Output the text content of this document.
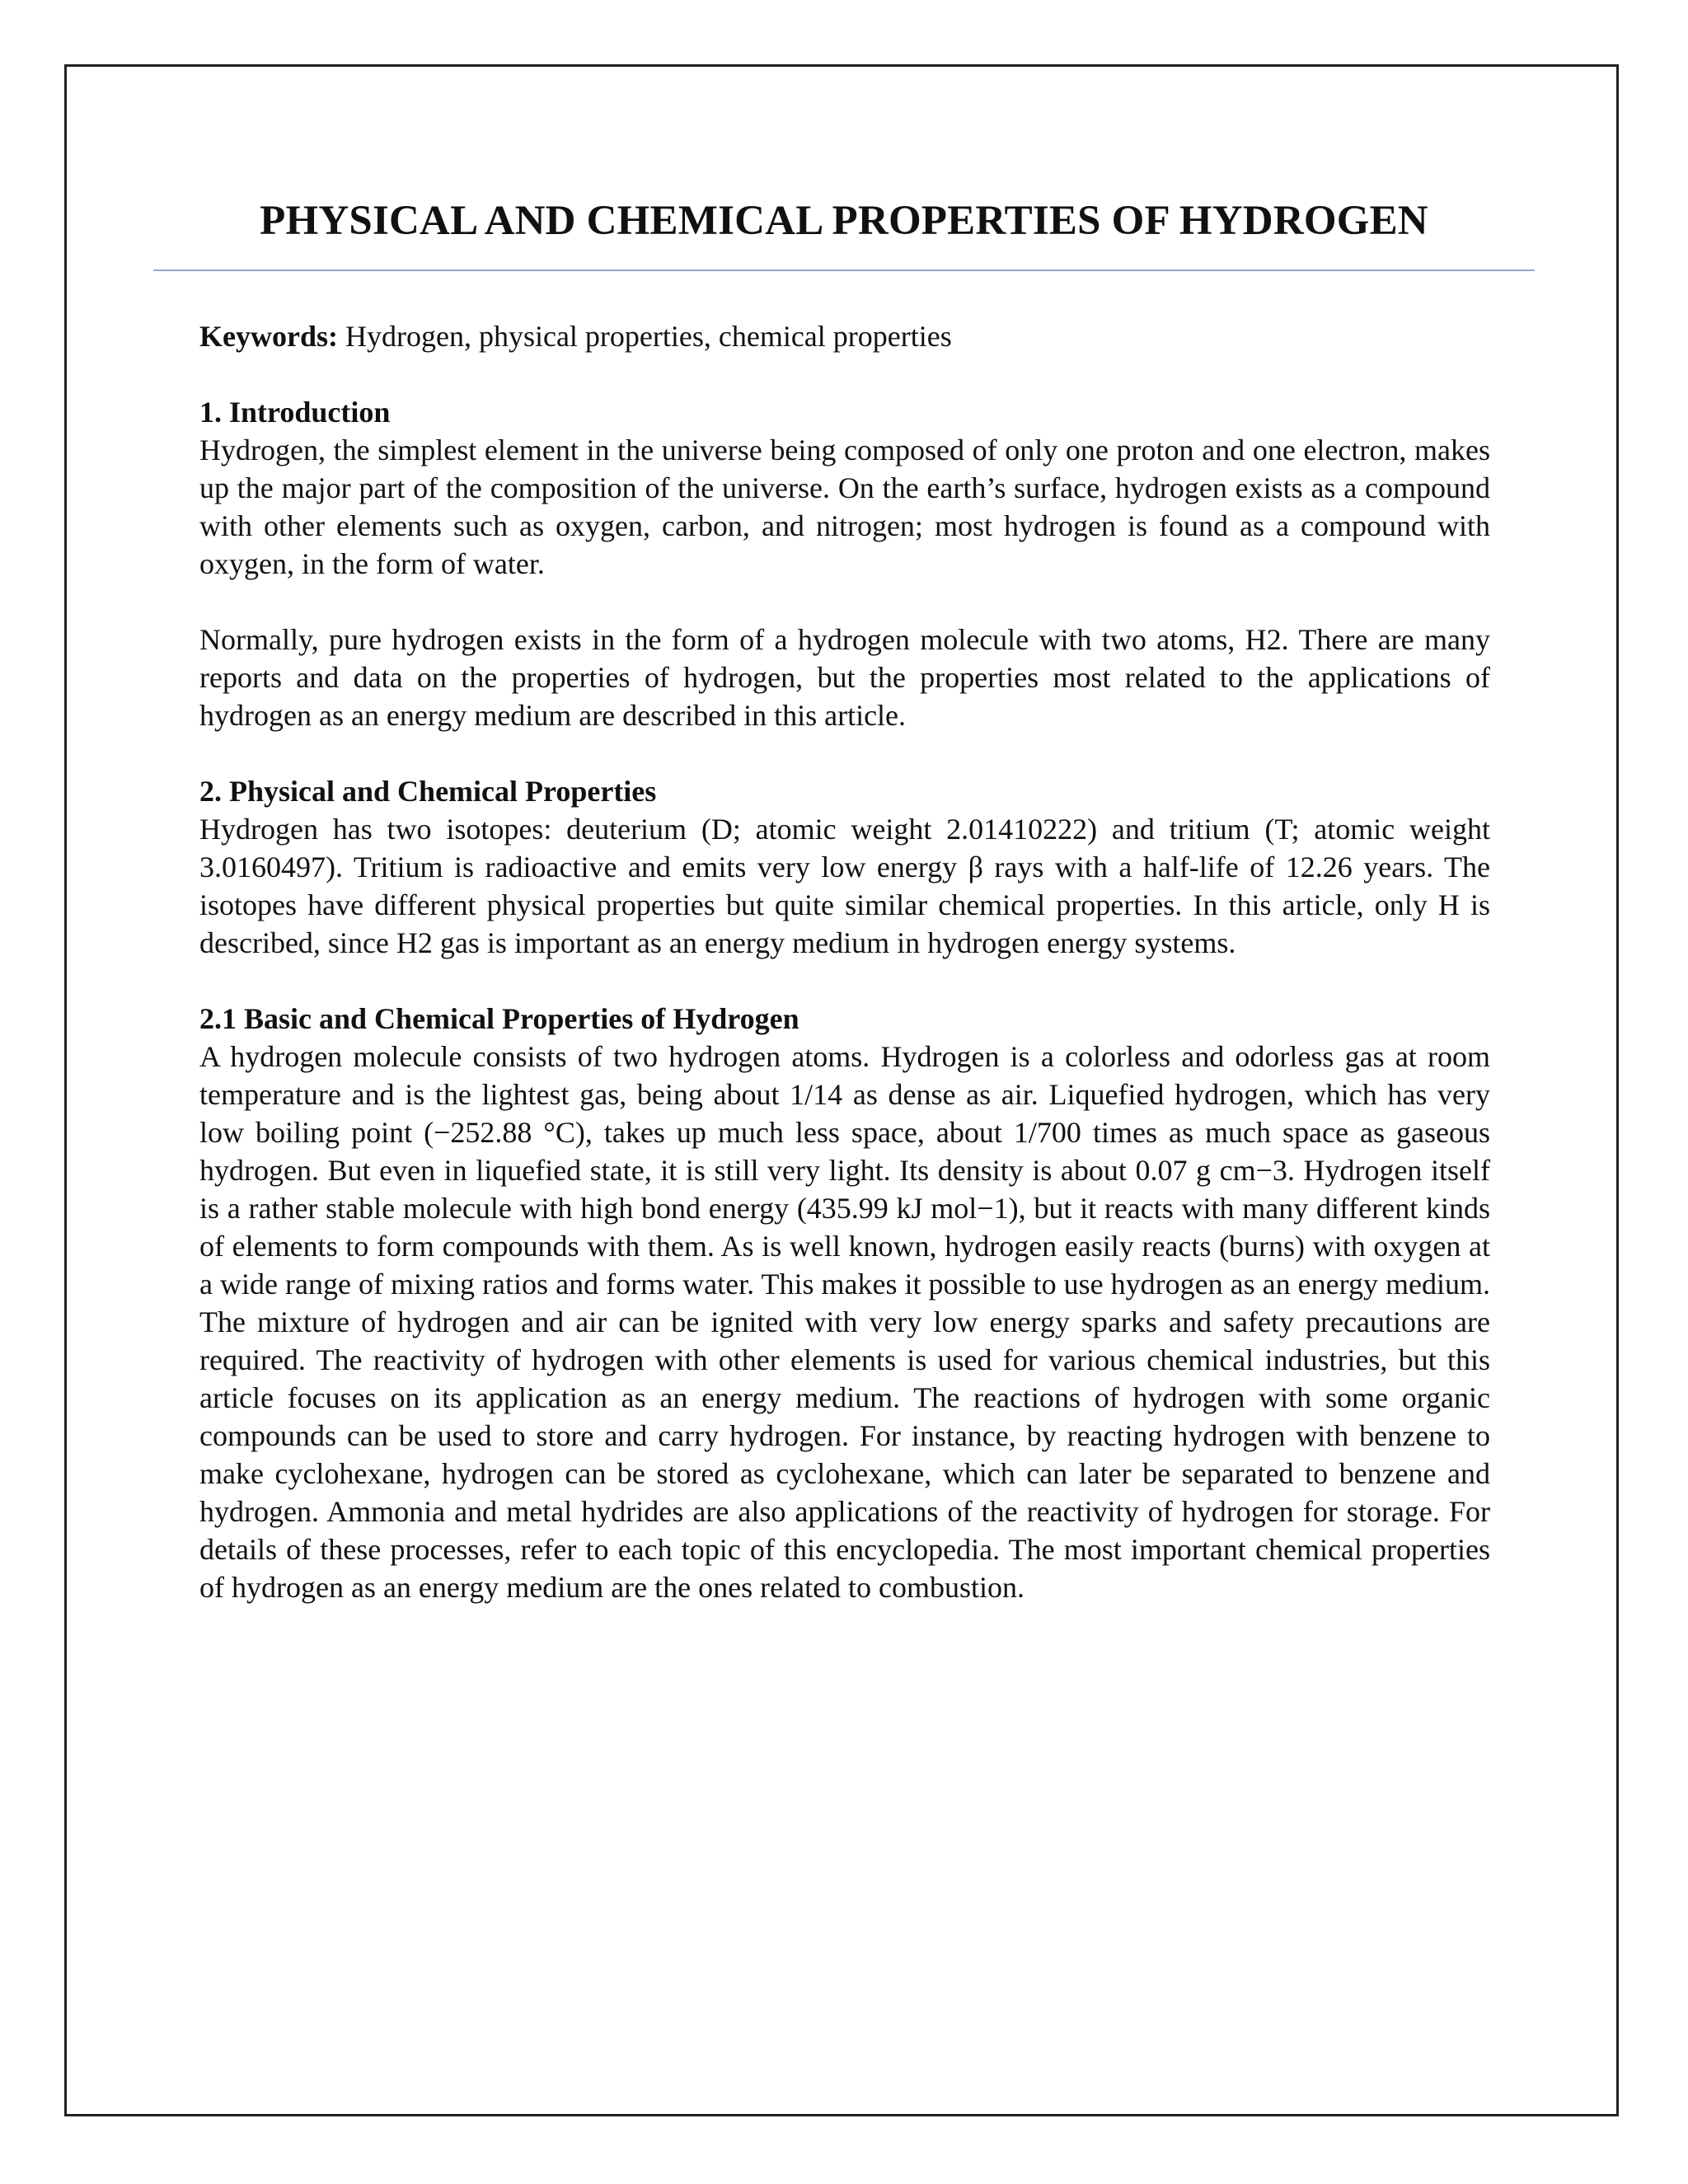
PHYSICAL AND CHEMICAL PROPERTIES OF HYDROGEN

Keywords: Hydrogen, physical properties, chemical properties

1. Introduction

Hydrogen, the simplest element in the universe being composed of only one proton and one electron, makes up the major part of the composition of the universe. On the earth’s surface, hydrogen exists as a compound with other elements such as oxygen, carbon, and nitrogen; most hydrogen is found as a compound with oxygen, in the form of water.

Normally, pure hydrogen exists in the form of a hydrogen molecule with two atoms, H2. There are many reports and data on the properties of hydrogen, but the properties most related to the applications of hydrogen as an energy medium are described in this article.

2. Physical and Chemical Properties

Hydrogen has two isotopes: deuterium (D; atomic weight 2.01410222) and tritium (T; atomic weight 3.0160497). Tritium is radioactive and emits very low energy β rays with a half-life of 12.26 years. The isotopes have different physical properties but quite similar chemical properties. In this article, only H is described, since H2 gas is important as an energy medium in hydrogen energy systems.

2.1 Basic and Chemical Properties of Hydrogen

A hydrogen molecule consists of two hydrogen atoms. Hydrogen is a colorless and odorless gas at room temperature and is the lightest gas, being about 1/14 as dense as air. Liquefied hydrogen, which has very low boiling point (−252.88 °C), takes up much less space, about 1/700 times as much space as gaseous hydrogen. But even in liquefied state, it is still very light. Its density is about 0.07 g cm−3. Hydrogen itself is a rather stable molecule with high bond energy (435.99 kJ mol−1), but it reacts with many different kinds of elements to form compounds with them. As is well known, hydrogen easily reacts (burns) with oxygen at a wide range of mixing ratios and forms water. This makes it possible to use hydrogen as an energy medium. The mixture of hydrogen and air can be ignited with very low energy sparks and safety precautions are required. The reactivity of hydrogen with other elements is used for various chemical industries, but this article focuses on its application as an energy medium. The reactions of hydrogen with some organic compounds can be used to store and carry hydrogen. For instance, by reacting hydrogen with benzene to make cyclohexane, hydrogen can be stored as cyclohexane, which can later be separated to benzene and hydrogen. Ammonia and metal hydrides are also applications of the reactivity of hydrogen for storage. For details of these processes, refer to each topic of this encyclopedia. The most important chemical properties of hydrogen as an energy medium are the ones related to combustion.
